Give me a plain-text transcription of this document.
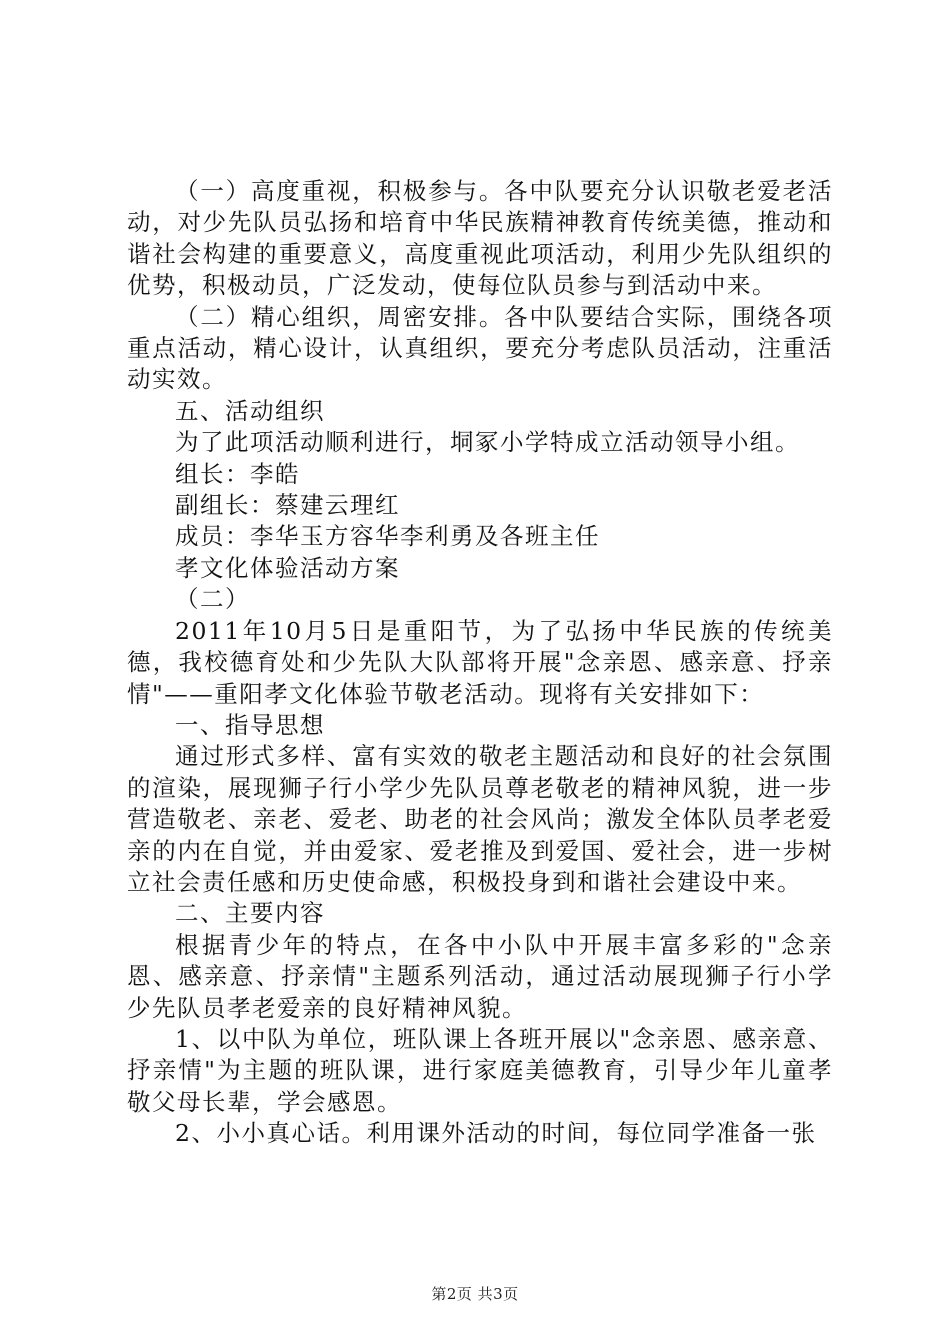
（一）高度重视，积极参与。各中队要充分认识敬老爱老活动，对少先队员弘扬和培育中华民族精神教育传统美德，推动和谐社会构建的重要意义，高度重视此项活动，利用少先队组织的优势，积极动员，广泛发动，使每位队员参与到活动中来。

（二）精心组织，周密安排。各中队要结合实际，围绕各项重点活动，精心设计，认真组织，要充分考虑队员活动，注重活动实效。

五、活动组织

为了此项活动顺利进行，垌冢小学特成立活动领导小组。

组长：李皓

副组长：蔡建云理红

成员：李华玉方容华李利勇及各班主任

孝文化体验活动方案

（二）

2011年10月5日是重阳节，为了弘扬中华民族的传统美德，我校德育处和少先队大队部将开展"念亲恩、感亲意、抒亲情"——重阳孝文化体验节敬老活动。现将有关安排如下：

一、指导思想

通过形式多样、富有实效的敬老主题活动和良好的社会氛围的渲染，展现狮子行小学少先队员尊老敬老的精神风貌，进一步营造敬老、亲老、爱老、助老的社会风尚；激发全体队员孝老爱亲的内在自觉，并由爱家、爱老推及到爱国、爱社会，进一步树立社会责任感和历史使命感，积极投身到和谐社会建设中来。

二、主要内容

根据青少年的特点，在各中小队中开展丰富多彩的"念亲恩、感亲意、抒亲情"主题系列活动，通过活动展现狮子行小学少先队员孝老爱亲的良好精神风貌。

1、以中队为单位，班队课上各班开展以"念亲恩、感亲意、抒亲情"为主题的班队课，进行家庭美德教育，引导少年儿童孝敬父母长辈，学会感恩。

2、小小真心话。利用课外活动的时间，每位同学准备一张

第2页 共3页
